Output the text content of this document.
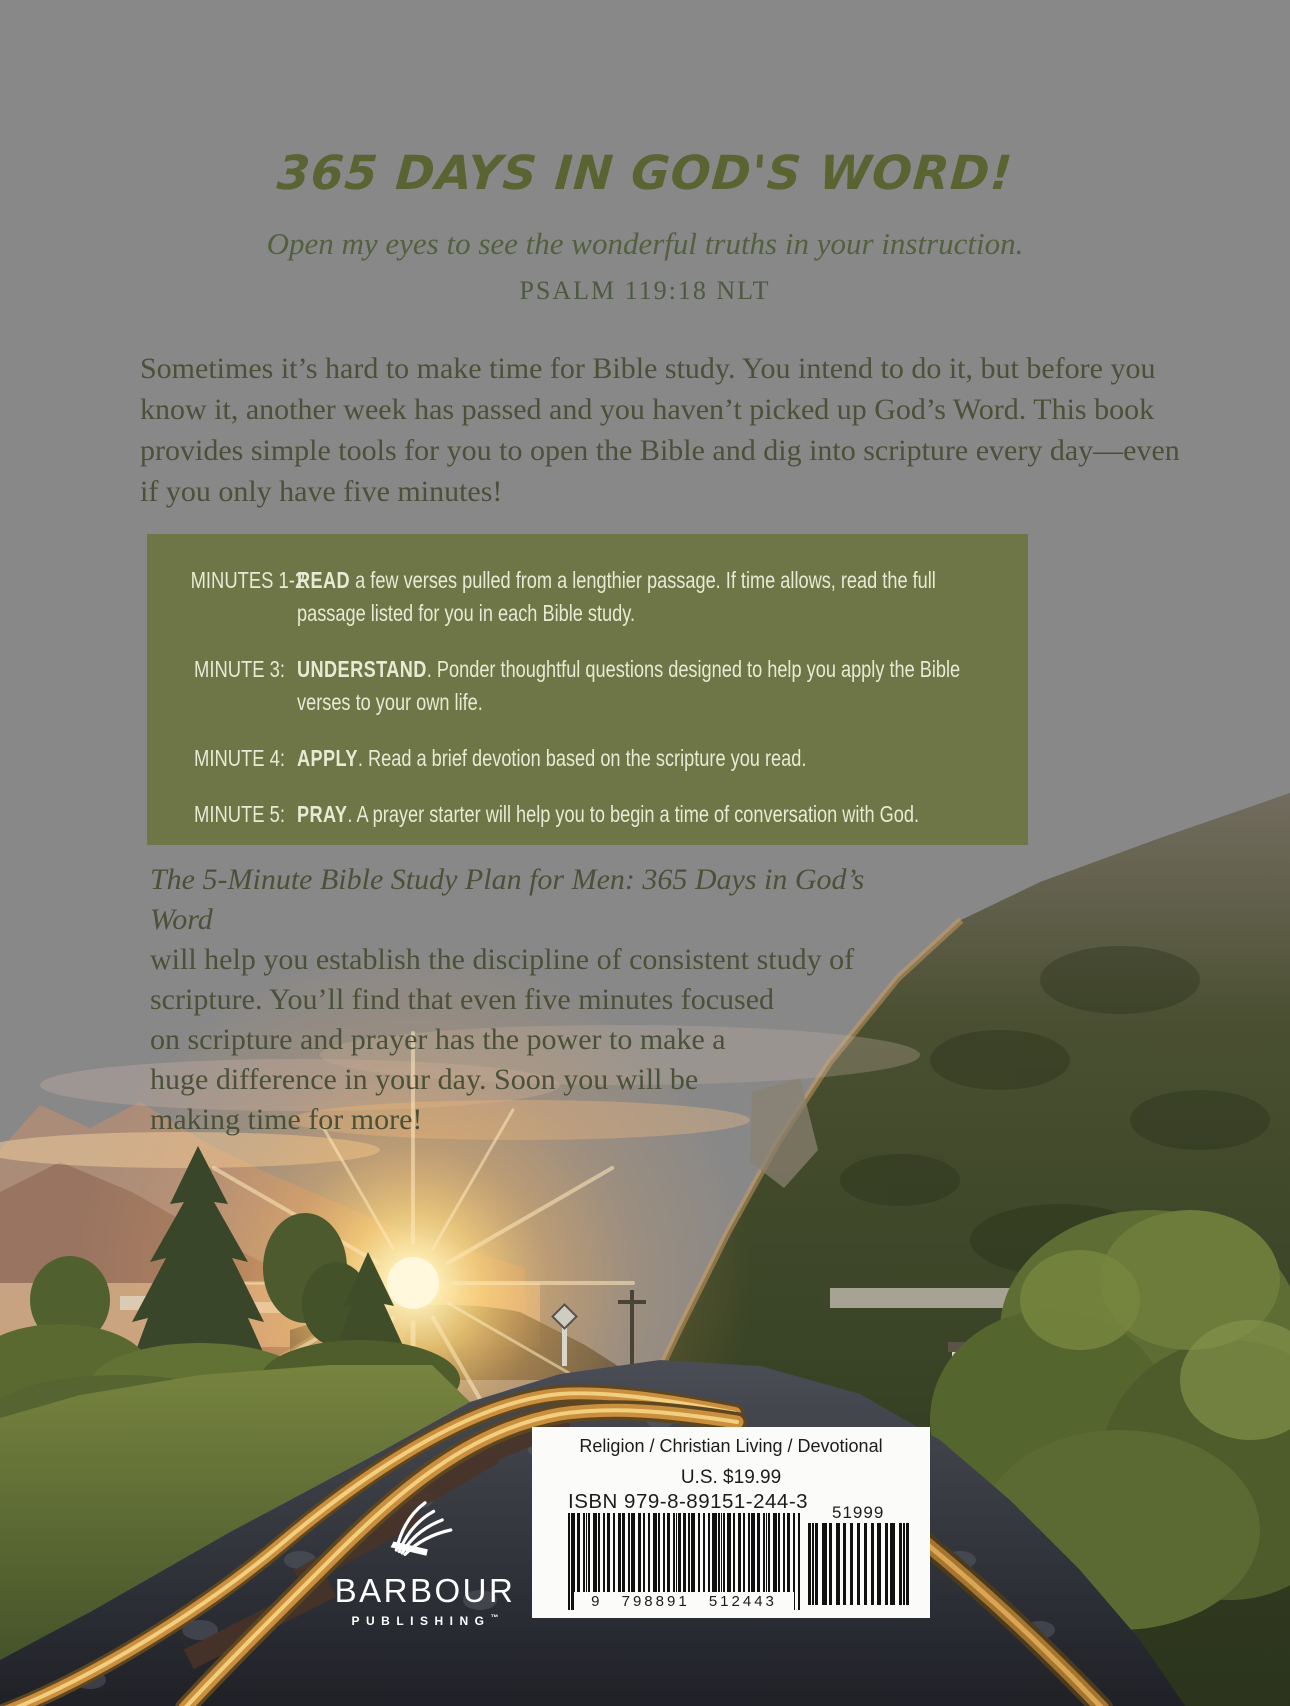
365 DAYS IN GOD'S WORD!
Open my eyes to see the wonderful truths in your instruction.
PSALM 119:18 NLT
Sometimes it’s hard to make time for Bible study. You intend to do it, but before you
know it, another week has passed and you haven’t picked up God’s Word. This book
provides simple tools for you to open the Bible and dig into scripture every day—even
if you only have five minutes!
MINUTES 1-2:
READ a few verses pulled from a lengthier passage. If time allows, read the full passage listed for you in each Bible study.
MINUTE 3: UNDERSTAND. Ponder thoughtful questions designed to help you apply the Bible verses to your own life.
MINUTE 4: APPLY. Read a brief devotion based on the scripture you read.
MINUTE 5: PRAY. A prayer starter will help you to begin a time of conversation with God.
The 5-Minute Bible Study Plan for Men: 365 Days in God’s Word
will help you establish the discipline of consistent study of
scripture. You’ll find that even five minutes focused
on scripture and prayer has the power to make a
huge difference in your day. Soon you will be
making time for more!
Religion / Christian Living / Devotional
U.S. $19.99
ISBN 979-8-89151-244-3
9 798891 512443
51999
BARBOUR
PUBLISHING™
